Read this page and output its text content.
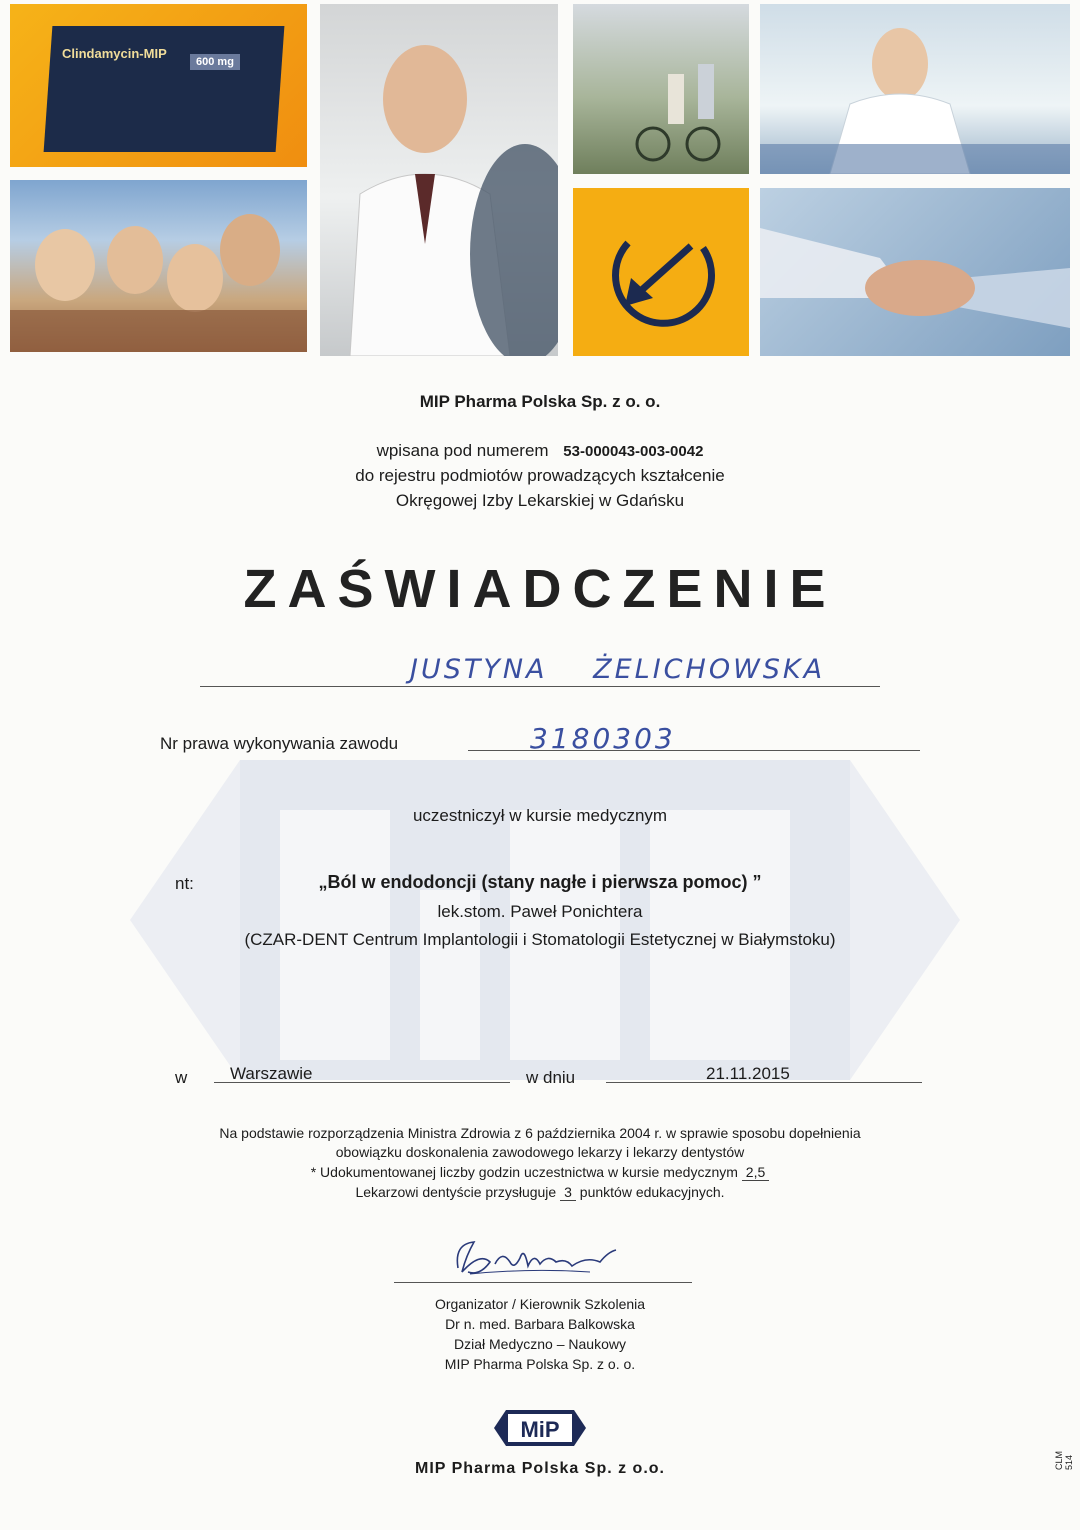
Clindamycin-MIP
600 mg
MIP Pharma Polska Sp. z o. o.
wpisana pod numerem 53-000043-003-0042
do rejestru podmiotów prowadzących kształcenie
Okręgowej Izby Lekarskiej w Gdańsku
ZAŚWIADCZENIE
JUSTYNA ŻELICHOWSKA
Nr prawa wykonywania zawodu	3180303
uczestniczył w kursie medycznym
nt:	„Ból w endodoncji (stany nagłe i pierwsza pomoc) ”
lek.stom. Paweł Ponichtera
(CZAR-DENT Centrum Implantologii i Stomatologii Estetycznej w Białymstoku)
w	Warszawie	w dniu	21.11.2015
Na podstawie rozporządzenia Ministra Zdrowia z 6 października 2004 r. w sprawie sposobu dopełnienia
obowiązku doskonalenia zawodowego lekarzy i lekarzy dentystów
* Udokumentowanej liczby godzin uczestnictwa w kursie medycznym 2,5
Lekarzowi dentyście przysługuje 3 punktów edukacyjnych.
Organizator / Kierownik Szkolenia
Dr n. med. Barbara Balkowska
Dział Medyczno – Naukowy
MIP Pharma Polska Sp. z o. o.
MiP
MIP Pharma Polska Sp. z o.o.	CLM 514
